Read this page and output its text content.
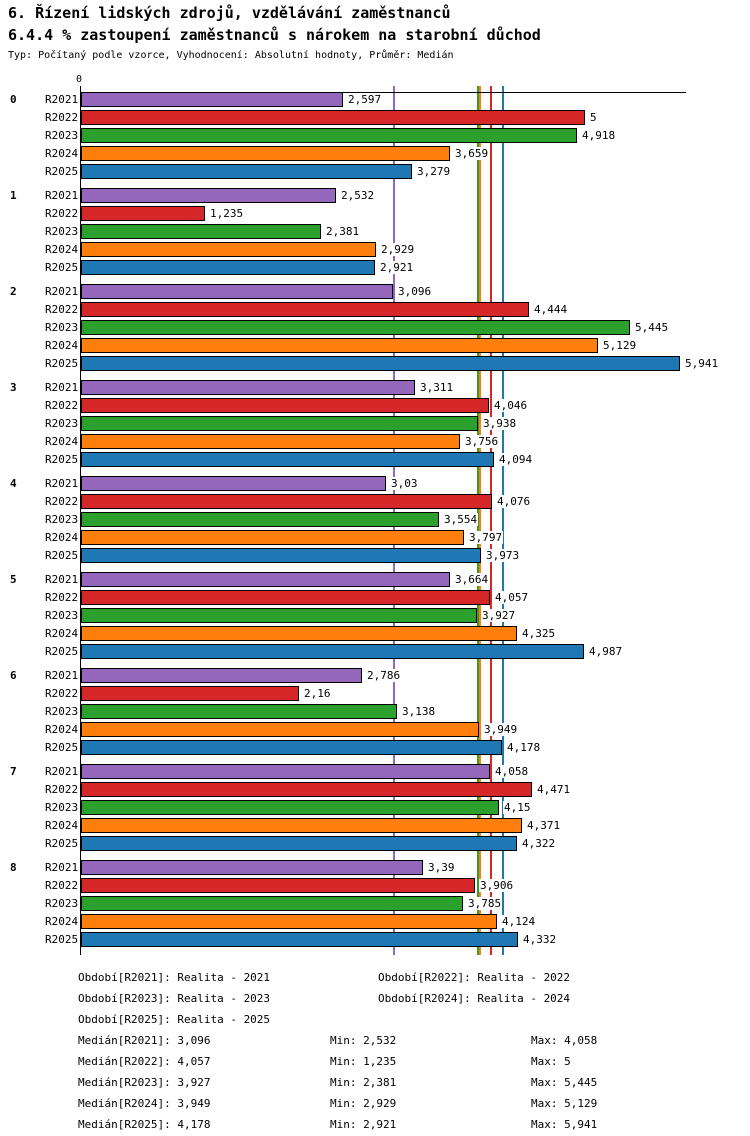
6. Řízení lidských zdrojů, vzdělávání zaměstnanců
6.4.4 % zastoupení zaměstnanců s nárokem na starobní důchod
Typ: Počítaný podle vzorce, Vyhodnocení: Absolutní hodnoty, Průměr: Medián
0
0	R2021	2,597
R2022	5
R2023	4,918
R2024	3,659
R2025	3,279
1	R2021	2,532
R2022	1,235
R2023	2,381
R2024	2,929
R2025	2,921
2	R2021	3,096
R2022	4,444
R2023	5,445
R2024	5,129
R2025	5,941
3	R2021	3,311
R2022	4,046
R2023	3,938
R2024	3,756
R2025	4,094
4	R2021	3,03
R2022	4,076
R2023	3,554
R2024	3,797
R2025	3,973
5	R2021	3,664
R2022	4,057
R2023	3,927
R2024	4,325
R2025	4,987
6	R2021	2,786
R2022	2,16
R2023	3,138
R2024	3,949
R2025	4,178
7	R2021	4,058
R2022	4,471
R2023	4,15
R2024	4,371
R2025	4,322
8	R2021	3,39
R2022	3,906
R2023	3,785
R2024	4,124
R2025	4,332
Období[R2021]: Realita - 2021	Období[R2022]: Realita - 2022
Období[R2023]: Realita - 2023	Období[R2024]: Realita - 2024
Období[R2025]: Realita - 2025
Medián[R2021]: 3,096	Min: 2,532	Max: 4,058
Medián[R2022]: 4,057	Min: 1,235	Max: 5
Medián[R2023]: 3,927	Min: 2,381	Max: 5,445
Medián[R2024]: 3,949	Min: 2,929	Max: 5,129
Medián[R2025]: 4,178	Min: 2,921	Max: 5,941
